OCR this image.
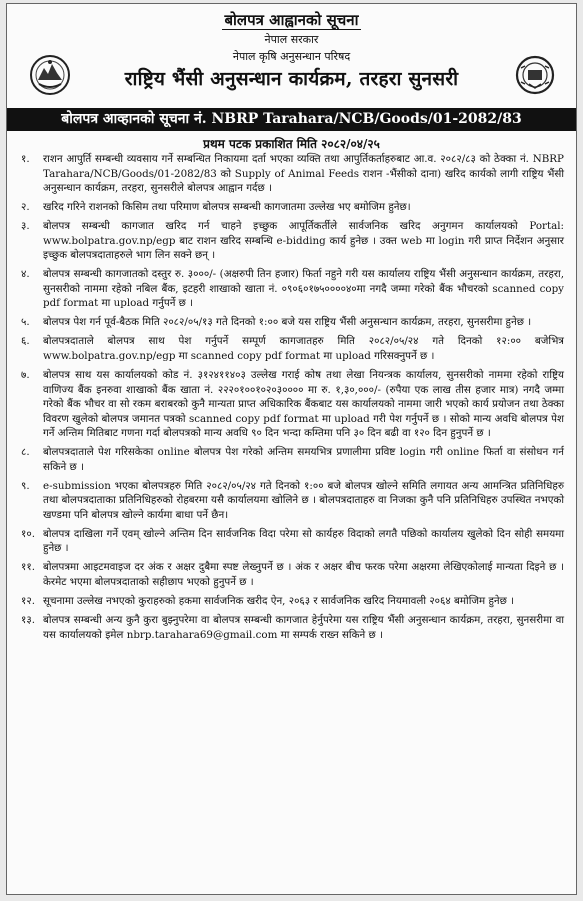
बोलपत्र आह्वानको सूचना
नेपाल सरकार
नेपाल कृषि अनुसन्धान परिषद
राष्ट्रिय भैंसी अनुसन्धान कार्यक्रम, तरहरा सुनसरी
बोलपत्र आव्हानको सूचना नं. NBRP Tarahara/NCB/Goods/01-2082/83
प्रथम पटक प्रकाशित मिति २०८२/०४/२५
१. राशन आपुर्ति सम्बन्धी व्यवसाय गर्ने सम्बन्धित निकायमा दर्ता भएका व्यक्ति तथा आपुर्तिकर्ताहरुबाट आ.व. २०८२/८३ को ठेक्का नं. NBRP Tarahara/NCB/Goods/01-2082/83 को Supply of Animal Feeds राशन -भैंसीको दाना) खरिद कार्यको लागी राष्ट्रिय भैंसी अनुसन्धान कार्यक्रम, तरहरा, सुनसरीले बोलपत्र आह्वान गर्दछ ।
२. खरिद गरिने राशनको किसिम तथा परिमाण बोलपत्र सम्बन्धी कागजातमा उल्लेख भए बमोजिम हुनेछ।
३. बोलपत्र सम्बन्धी कागजात खरिद गर्न चाहने इच्छुक आपूर्तिकर्तीले सार्वजनिक खरिद अनुगमन कार्यालयको Portal: www.bolpatra.gov.np/egp बाट राशन खरिद सम्बन्धि e-bidding कार्य हुनेछ । उक्त web मा login गरी प्राप्त निर्देशन अनुसार इच्छुक बोलपत्रदाताहरुले भाग लिन सक्ने छन् ।
४. बोलपत्र सम्बन्धी कागजातको दस्तुर रु. ३०००/- (अक्षरुपी तिन हजार) फिर्ता नहुने गरी यस कार्यालय राष्ट्रिय भैंसी अनुसन्धान कार्यक्रम, तरहरा, सुनसरीको नाममा रहेको नबिल बैंक, इटहरी शाखाको खाता नं. ०९०६०१७५००००४०मा नगदै जम्मा गरेको बैंक भौचरको scanned copy pdf format मा upload गर्नुपर्ने छ ।
५. बोलपत्र पेश गर्न पूर्व-बैठक मिति २०८२/०५/१३ गते दिनको १:०० बजे यस राष्ट्रिय भैंसी अनुसन्धान कार्यक्रम, तरहरा, सुनसरीमा हुनेछ ।
६. बोलपत्रदाताले बोलपत्र साथ पेश गर्नुपर्ने सम्पूर्ण कागजातहरु मिति २०८२/०५/२४ गते दिनको १२:०० बजेभित्र www.bolpatra.gov.np/egp मा scanned copy pdf format मा upload गरिसक्नुपर्ने छ ।
७. बोलपत्र साथ यस कार्यालयको कोड नं. ३१२४११४०३ उल्लेख गराई कोष तथा लेखा नियन्त्रक कार्यालय, सुनसरीको नाममा रहेको राष्ट्रिय वाणिज्य बैंक इनरुवा शाखाको बैंक खाता नं. २२२०१००१०२०३०००० मा रु. १,३०,०००/- (रुपैया एक लाख तीस हजार मात्र) नगदै जम्मा गरेको बैंक भौचर वा सो रकम बराबरको कुनै मान्यता प्राप्त अधिकारिक बैंकबाट यस कार्यालयको नाममा जारी भएको कार्य प्रयोजन तथा ठेक्का विवरण खुलेको बोलपत्र जमानत पत्रको scanned copy pdf format मा upload गरी पेश गर्नुपर्ने छ । सोको मान्य अवधि बोलपत्र पेश गर्ने अन्तिम मितिबाट गणना गर्दा बोलपत्रको मान्य अवधि ९० दिन भन्दा कम्तिमा पनि ३० दिन बढी वा १२० दिन हुनुपर्ने छ ।
८. बोलपत्रदाताले पेश गरिसकेका online बोलपत्र पेश गरेको अन्तिम समयभित्र प्रणालीमा प्रविष्ट login गरी online फिर्ता वा संसोधन गर्न सकिने छ ।
९. e-submission भएका बोलपत्रहरु मिति २०८२/०५/२४ गते दिनको १:०० बजे बोलपत्र खोल्ने समिति लगायत अन्य आमन्त्रित प्रतिनिधिहरु तथा बोलपत्रदाताका प्रतिनिधिहरुको रोहबरमा यसै कार्यालयमा खोलिने छ । बोलपत्रदाताहरु वा निजका कुनै पनि प्रतिनिधिहरु उपस्थित नभएको खण्डमा पनि बोलपत्र खोल्ने कार्यमा बाधा पर्ने छैन।
१०. बोलपत्र दाखिला गर्ने एवम् खोल्ने अन्तिम दिन सार्वजनिक विदा परेमा सो कार्यहरु विदाको लगतै पछिको कार्यालय खुलेको दिन सोही समयमा हुनेछ ।
११. बोलपत्रमा आइटमवाइज दर अंक र अक्षर दुबैमा स्पष्ट लेख्नुपर्ने छ । अंक र अक्षर बीच फरक परेमा अक्षरमा लेखिएकोलाई मान्यता दिइने छ । केरमेट भएमा बोलपत्रदाताको सहीछाप भएको हुनुपर्ने छ ।
१२. सूचनामा उल्लेख नभएको कुराहरुको हकमा सार्वजनिक खरीद ऐन, २०६३ र सार्वजनिक खरिद नियमावली २०६४ बमोजिम हुनेछ ।
१३. बोलपत्र सम्बन्धी अन्य कुनै कुरा बुझ्नुपरेमा वा बोलपत्र सम्बन्धी कागजात हेर्नुपरेमा यस राष्ट्रिय भैंसी अनुसन्धान कार्यक्रम, तरहरा, सुनसरीमा वा यस कार्यालयको इमेल nbrp.tarahara69@gmail.com मा सम्पर्क राख्न सकिने छ ।
